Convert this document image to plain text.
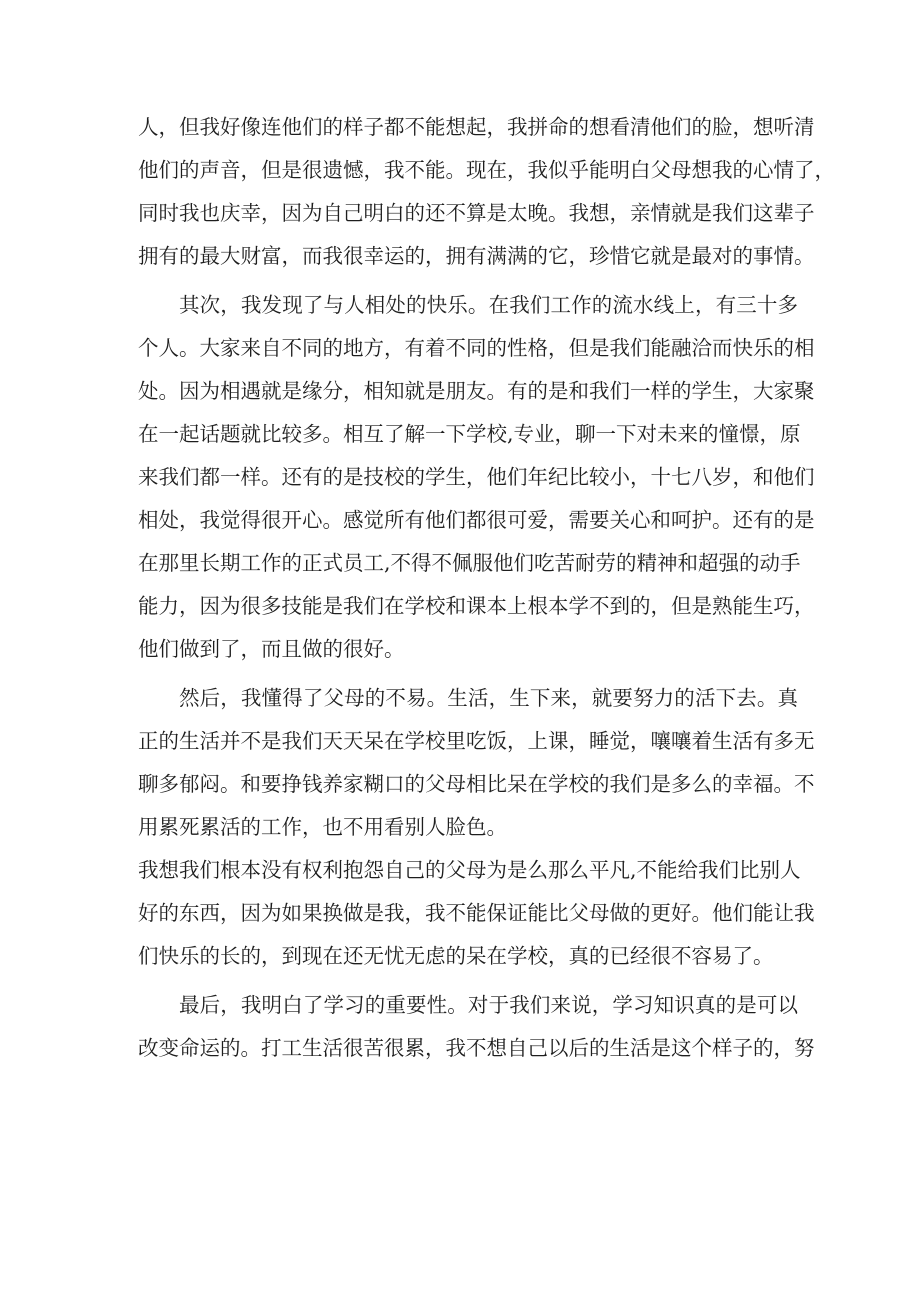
人，但我好像连他们的样子都不能想起，我拼命的想看清他们的脸，想听清
他们的声音，但是很遗憾，我不能。现在，我似乎能明白父母想我的心情了，
同时我也庆幸，因为自己明白的还不算是太晚。我想，亲情就是我们这辈子
拥有的最大财富，而我很幸运的，拥有满满的它，珍惜它就是最对的事情。
其次，我发现了与人相处的快乐。在我们工作的流水线上，有三十多
个人。大家来自不同的地方，有着不同的性格，但是我们能融洽而快乐的相
处。因为相遇就是缘分，相知就是朋友。有的是和我们一样的学生，大家聚
在一起话题就比较多。相互了解一下学校,专业，聊一下对未来的憧憬，原
来我们都一样。还有的是技校的学生，他们年纪比较小，十七八岁，和他们
相处，我觉得很开心。感觉所有他们都很可爱，需要关心和呵护。还有的是
在那里长期工作的正式员工,不得不佩服他们吃苦耐劳的精神和超强的动手
能力，因为很多技能是我们在学校和课本上根本学不到的，但是熟能生巧，
他们做到了，而且做的很好。
然后，我懂得了父母的不易。生活，生下来，就要努力的活下去。真
正的生活并不是我们天天呆在学校里吃饭，上课，睡觉，嚷嚷着生活有多无
聊多郁闷。和要挣钱养家糊口的父母相比呆在学校的我们是多么的幸福。不
用累死累活的工作，也不用看别人脸色。
我想我们根本没有权利抱怨自己的父母为是么那么平凡,不能给我们比别人
好的东西，因为如果换做是我，我不能保证能比父母做的更好。他们能让我
们快乐的长的，到现在还无忧无虑的呆在学校，真的已经很不容易了。
最后，我明白了学习的重要性。对于我们来说，学习知识真的是可以
改变命运的。打工生活很苦很累，我不想自己以后的生活是这个样子的，努
